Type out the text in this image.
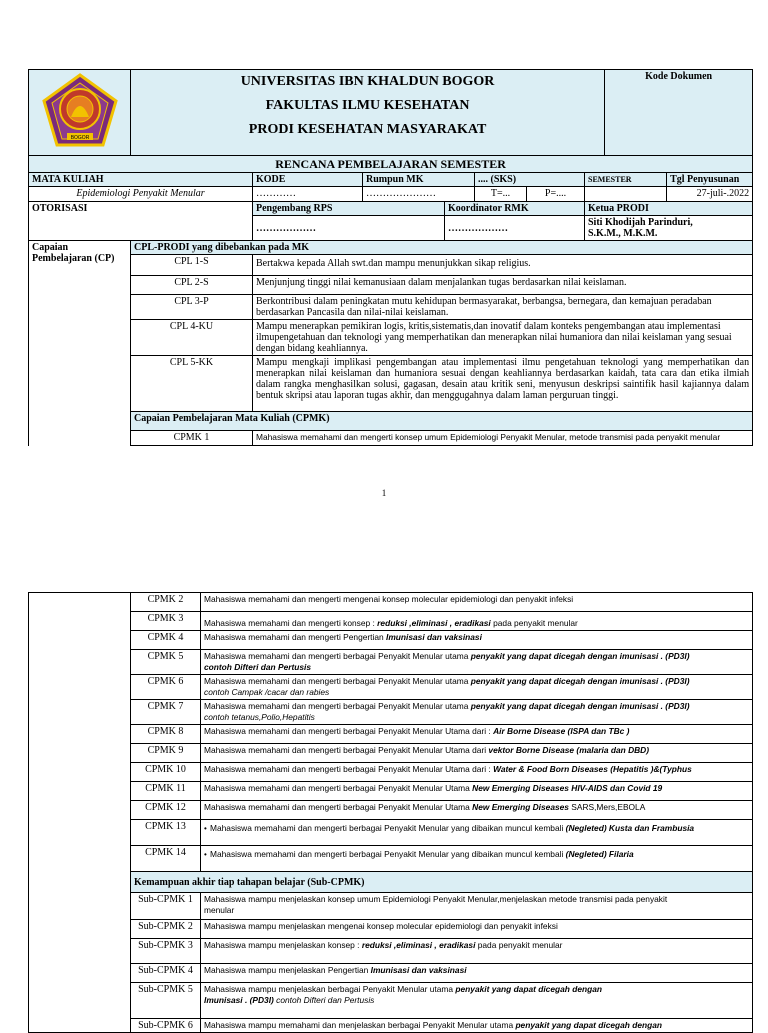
BOGOR	UNIVERSITAS IBN KHALDUN BOGOR
FAKULTAS ILMU KESEHATAN
PRODI KESEHATAN MASYARAKAT							Kode Dokumen	
RENCANA PEMBELAJARAN SEMESTER									
MATA KULIAH		KODE	Rumpun MK		.... (SKS)		SEMESTER		Tgl Penyusunan
Epidemiologi Penyakit Menular		…………	…………………		T=...	P=....			27-juli-.2022
OTORISASI		Pengembang RPS		Koordinator RMK			Ketua PRODI		
		………………		………………			Siti Khodijah Parinduri,
S.K.M., M.K.M.		

Capaian
Pembelajaran (CP)	CPL-PRODI yang dibebankan pada MK								
	CPL 1-S	Bertakwa kepada Allah swt.dan mampu menunjukkan sikap religius.							
	CPL 2-S	Menjunjung tinggi nilai kemanusiaan dalam menjalankan tugas berdasarkan nilai keislaman.							
	CPL 3-P	Berkontribusi dalam peningkatan mutu kehidupan bermasyarakat, berbangsa, bernegara, dan kemajuan peradaban berdasarkan Pancasila dan nilai-nilai keislaman.							
	CPL 4-KU	Mampu menerapkan pemikiran logis, kritis,sistematis,dan inovatif dalam konteks pengembangan atau implementasi ilmupengetahuan dan teknologi yang memperhatikan dan menerapkan nilai humaniora dan nilai keislaman yang sesuai dengan bidang keahliannya.							
	CPL 5-KK	Mampu mengkaji implikasi pengembangan atau implementasi ilmu pengetahuan teknologi yang memperhatikan dan menerapkan nilai keislaman dan humaniora sesuai dengan keahliannya berdasarkan kaidah, tata cara dan etika ilmiah dalam rangka menghasilkan solusi, gagasan, desain atau kritik seni, menyusun deskripsi saintifik hasil kajiannya dalam bentuk skripsi atau laporan tugas akhir, dan menggugahnya dalam laman perguruan tinggi.							
	Capaian Pembelajaran Mata Kuliah (CPMK)								
	CPMK 1	Mahasiswa memahami dan mengerti konsep umum Epidemiologi Penyakit Menular, metode transmisi pada penyakit menular							
1
	CPMK 2	Mahasiswa memahami dan mengerti mengenai konsep molecular epidemiologi dan penyakit infeksi
	CPMK 3	Mahasiswa memahami dan mengerti konsep : reduksi ,eliminasi , eradikasi pada penyakit menular
	CPMK 4	Mahasiswa memahami dan mengerti Pengertian Imunisasi dan vaksinasi
	CPMK 5	Mahasiswa memahami dan mengerti berbagai Penyakit Menular utama penyakit yang dapat dicegah dengan imunisasi . (PD3I)
contoh Difteri dan Pertusis
	CPMK 6	Mahasiswa memahami dan mengerti berbagai Penyakit Menular utama penyakit yang dapat dicegah dengan imunisasi . (PD3I)
contoh Campak /cacar dan rabies
	CPMK 7	Mahasiswa memahami dan mengerti berbagai Penyakit Menular utama penyakit yang dapat dicegah dengan imunisasi . (PD3I)
contoh tetanus,Polio,Hepatitis
	CPMK 8	Mahasiswa memahami dan mengerti berbagai Penyakit Menular Utama dari : Air Borne Disease (ISPA dan TBc )
	CPMK 9	Mahasiswa memahami dan mengerti berbagai Penyakit Menular Utama dari vektor Borne Disease (malaria dan DBD)
	CPMK 10	Mahasiswa memahami dan mengerti berbagai Penyakit Menular Utama dari : Water & Food Born Diseases (Hepatitis )&(Typhus
	CPMK 11	Mahasiswa memahami dan mengerti berbagai Penyakit Menular Utama New Emerging Diseases HIV-AIDS dan Covid 19
	CPMK 12	Mahasiswa memahami dan mengerti berbagai Penyakit Menular Utama New Emerging Diseases SARS,Mers,EBOLA
	CPMK 13	• Mahasiswa memahami dan mengerti berbagai Penyakit Menular yang dibaikan muncul kembali (Negleted) Kusta dan Frambusia
	CPMK 14	• Mahasiswa memahami dan mengerti berbagai Penyakit Menular yang dibaikan muncul kembali (Negleted) Filaria
	Kemampuan akhir tiap tahapan belajar (Sub-CPMK)	
	Sub-CPMK 1	Mahasiswa mampu menjelaskan konsep umum Epidemiologi Penyakit Menular,menjelaskan metode transmisi pada penyakit
menular
	Sub-CPMK 2	Mahasiswa mampu menjelaskan mengenai konsep molecular epidemiologi dan penyakit infeksi
	Sub-CPMK 3	Mahasiswa mampu menjelaskan konsep : reduksi ,eliminasi , eradikasi pada penyakit menular
	Sub-CPMK 4	Mahasiswa mampu menjelaskan Pengertian Imunisasi dan vaksinasi
	Sub-CPMK 5	Mahasiswa mampu menjelaskan berbagai Penyakit Menular utama penyakit yang dapat dicegah dengan
Imunisasi . (PD3I) contoh Difteri dan Pertusis
	Sub-CPMK 6	Mahasiswa mampu memahami dan menjelaskan berbagai Penyakit Menular utama penyakit yang dapat dicegah dengan
